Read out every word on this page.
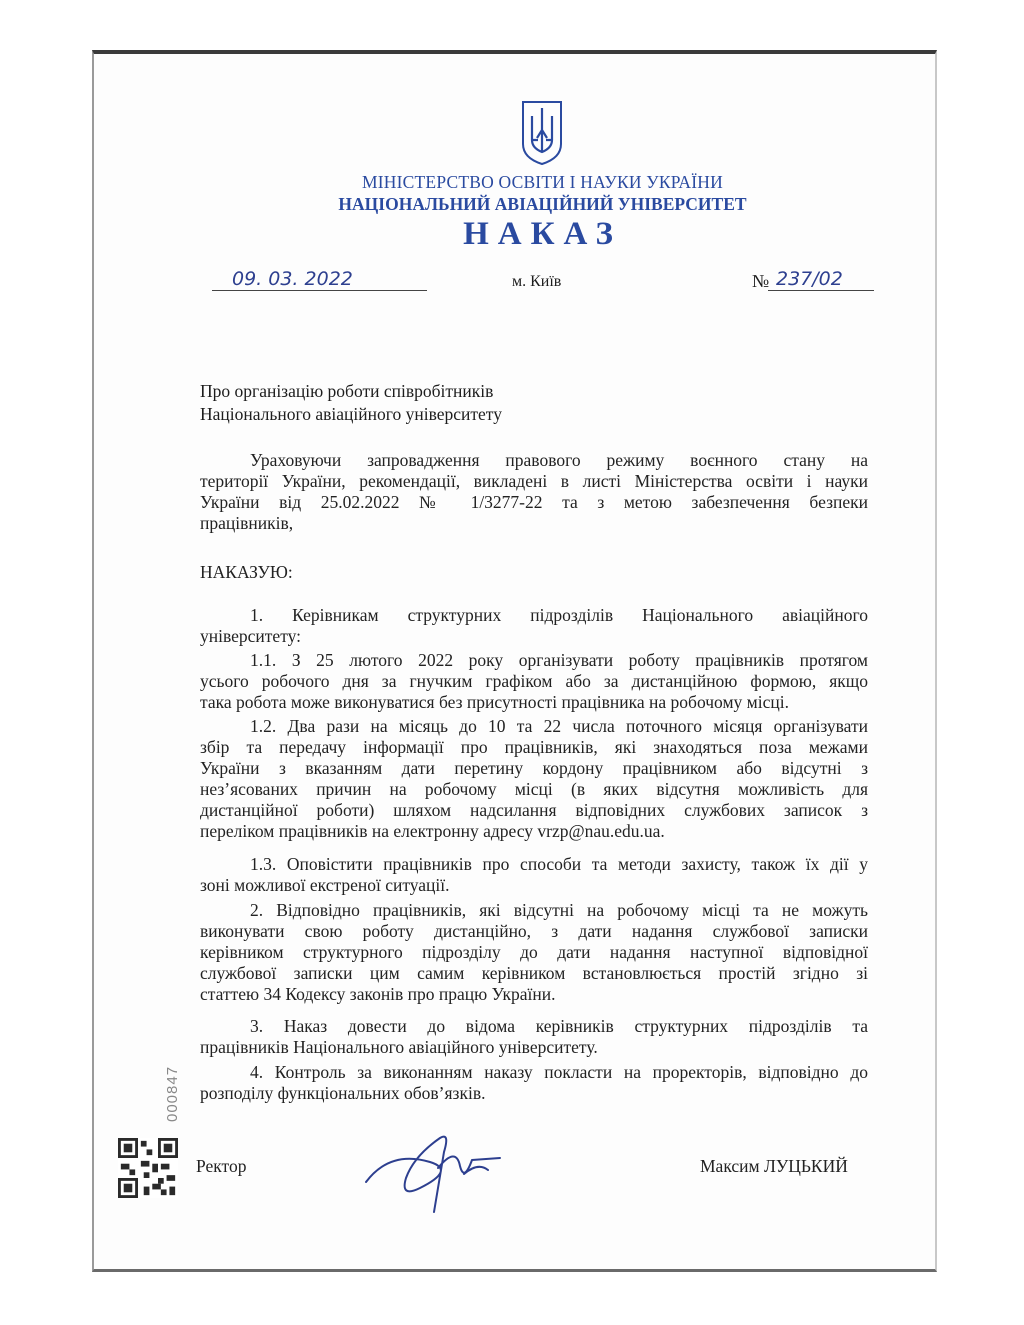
МІНІСТЕРСТВО ОСВІТИ І НАУКИ УКРАЇНИ
НАЦІОНАЛЬНИЙ АВІАЦІЙНИЙ УНІВЕРСИТЕТ
НАКАЗ
09. 03. 2022	м. Київ	№ 237/02
Про організацію роботи співробітників
Національного авіаційного університету
Ураховуючи запровадження правового режиму воєнного стану на
території України, рекомендації, викладені в листі Міністерства освіти і науки
України від 25.02.2022 № 1/3277-22 та з метою забезпечення безпеки
працівників,
НАКАЗУЮ:
1. Керівникам структурних підрозділів Національного авіаційного
університету:
1.1. З 25 лютого 2022 року організувати роботу працівників протягом
усього робочого дня за гнучким графіком або за дистанційною формою, якщо
така робота може виконуватися без присутності працівника на робочому місці.
1.2. Два рази на місяць до 10 та 22 числа поточного місяця організувати
збір та передачу інформації про працівників, які знаходяться поза межами
України з вказанням дати перетину кордону працівником або відсутні з
нез’ясованих причин на робочому місці (в яких відсутня можливість для
дистанційної роботи) шляхом надсилання відповідних службових записок з
переліком працівників на електронну адресу vrzp@nau.edu.ua.
1.3. Оповістити працівників про способи та методи захисту, також їх дії у
зоні можливої екстреної ситуації.
2. Відповідно працівників, які відсутні на робочому місці та не можуть
виконувати свою роботу дистанційно, з дати надання службової записки
керівником структурного підрозділу до дати надання наступної відповідної
службової записки цим самим керівником встановлюється простій згідно зі
статтею 34 Кодексу законів про працю України.
3. Наказ довести до відома керівників структурних підрозділів та
працівників Національного авіаційного університету.
4. Контроль за виконанням наказу покласти на проректорів, відповідно до
розподілу функціональних обов’язків.
000847
Ректор	Максим ЛУЦЬКИЙ
